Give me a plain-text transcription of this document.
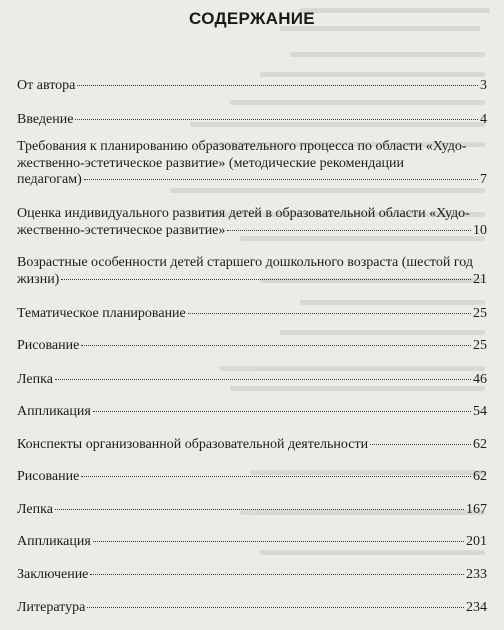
СОДЕРЖАНИЕ
От автора	3
Введение	4
Требования к планированию образовательного процесса по области «Худо-
жественно-эстетическое развитие» (методические рекомендации
педагогам)	7
Оценка индивидуального развития детей в образовательной области «Худо-
жественно-эстетическое развитие»	10
Возрастные особенности детей старшего дошкольного возраста (шестой год
жизни)	21
Тематическое планирование	25
Рисование	25
Лепка	46
Аппликация	54
Конспекты организованной образовательной деятельности	62
Рисование	62
Лепка	167
Аппликация	201
Заключение	233
Литература	234
